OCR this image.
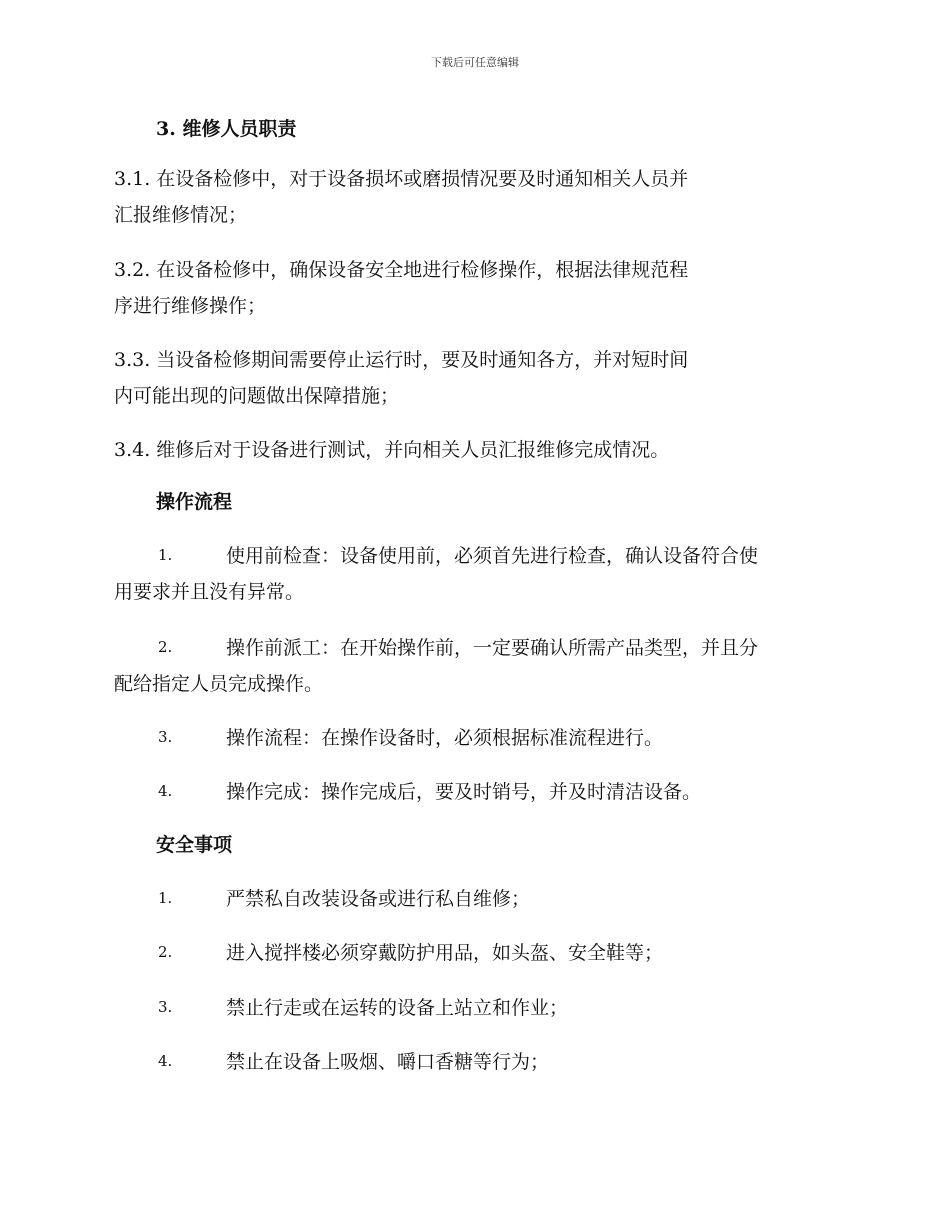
下载后可任意编辑
3. 维修人员职责
3.1. 在设备检修中，对于设备损坏或磨损情况要及时通知相关人员并
汇报维修情况；
3.2. 在设备检修中，确保设备安全地进行检修操作，根据法律规范程
序进行维修操作；
3.3. 当设备检修期间需要停止运行时，要及时通知各方，并对短时间
内可能出现的问题做出保障措施；
3.4. 维修后对于设备进行测试，并向相关人员汇报维修完成情况。
操作流程
1.	使用前检查：设备使用前，必须首先进行检查，确认设备符合使
用要求并且没有异常。
2.	操作前派工：在开始操作前，一定要确认所需产品类型，并且分
配给指定人员完成操作。
3.	操作流程：在操作设备时，必须根据标准流程进行。
4.	操作完成：操作完成后，要及时销号，并及时清洁设备。
安全事项
1.	严禁私自改装设备或进行私自维修；
2.	进入搅拌楼必须穿戴防护用品，如头盔、安全鞋等；
3.	禁止行走或在运转的设备上站立和作业；
4.	禁止在设备上吸烟、嚼口香糖等行为；
